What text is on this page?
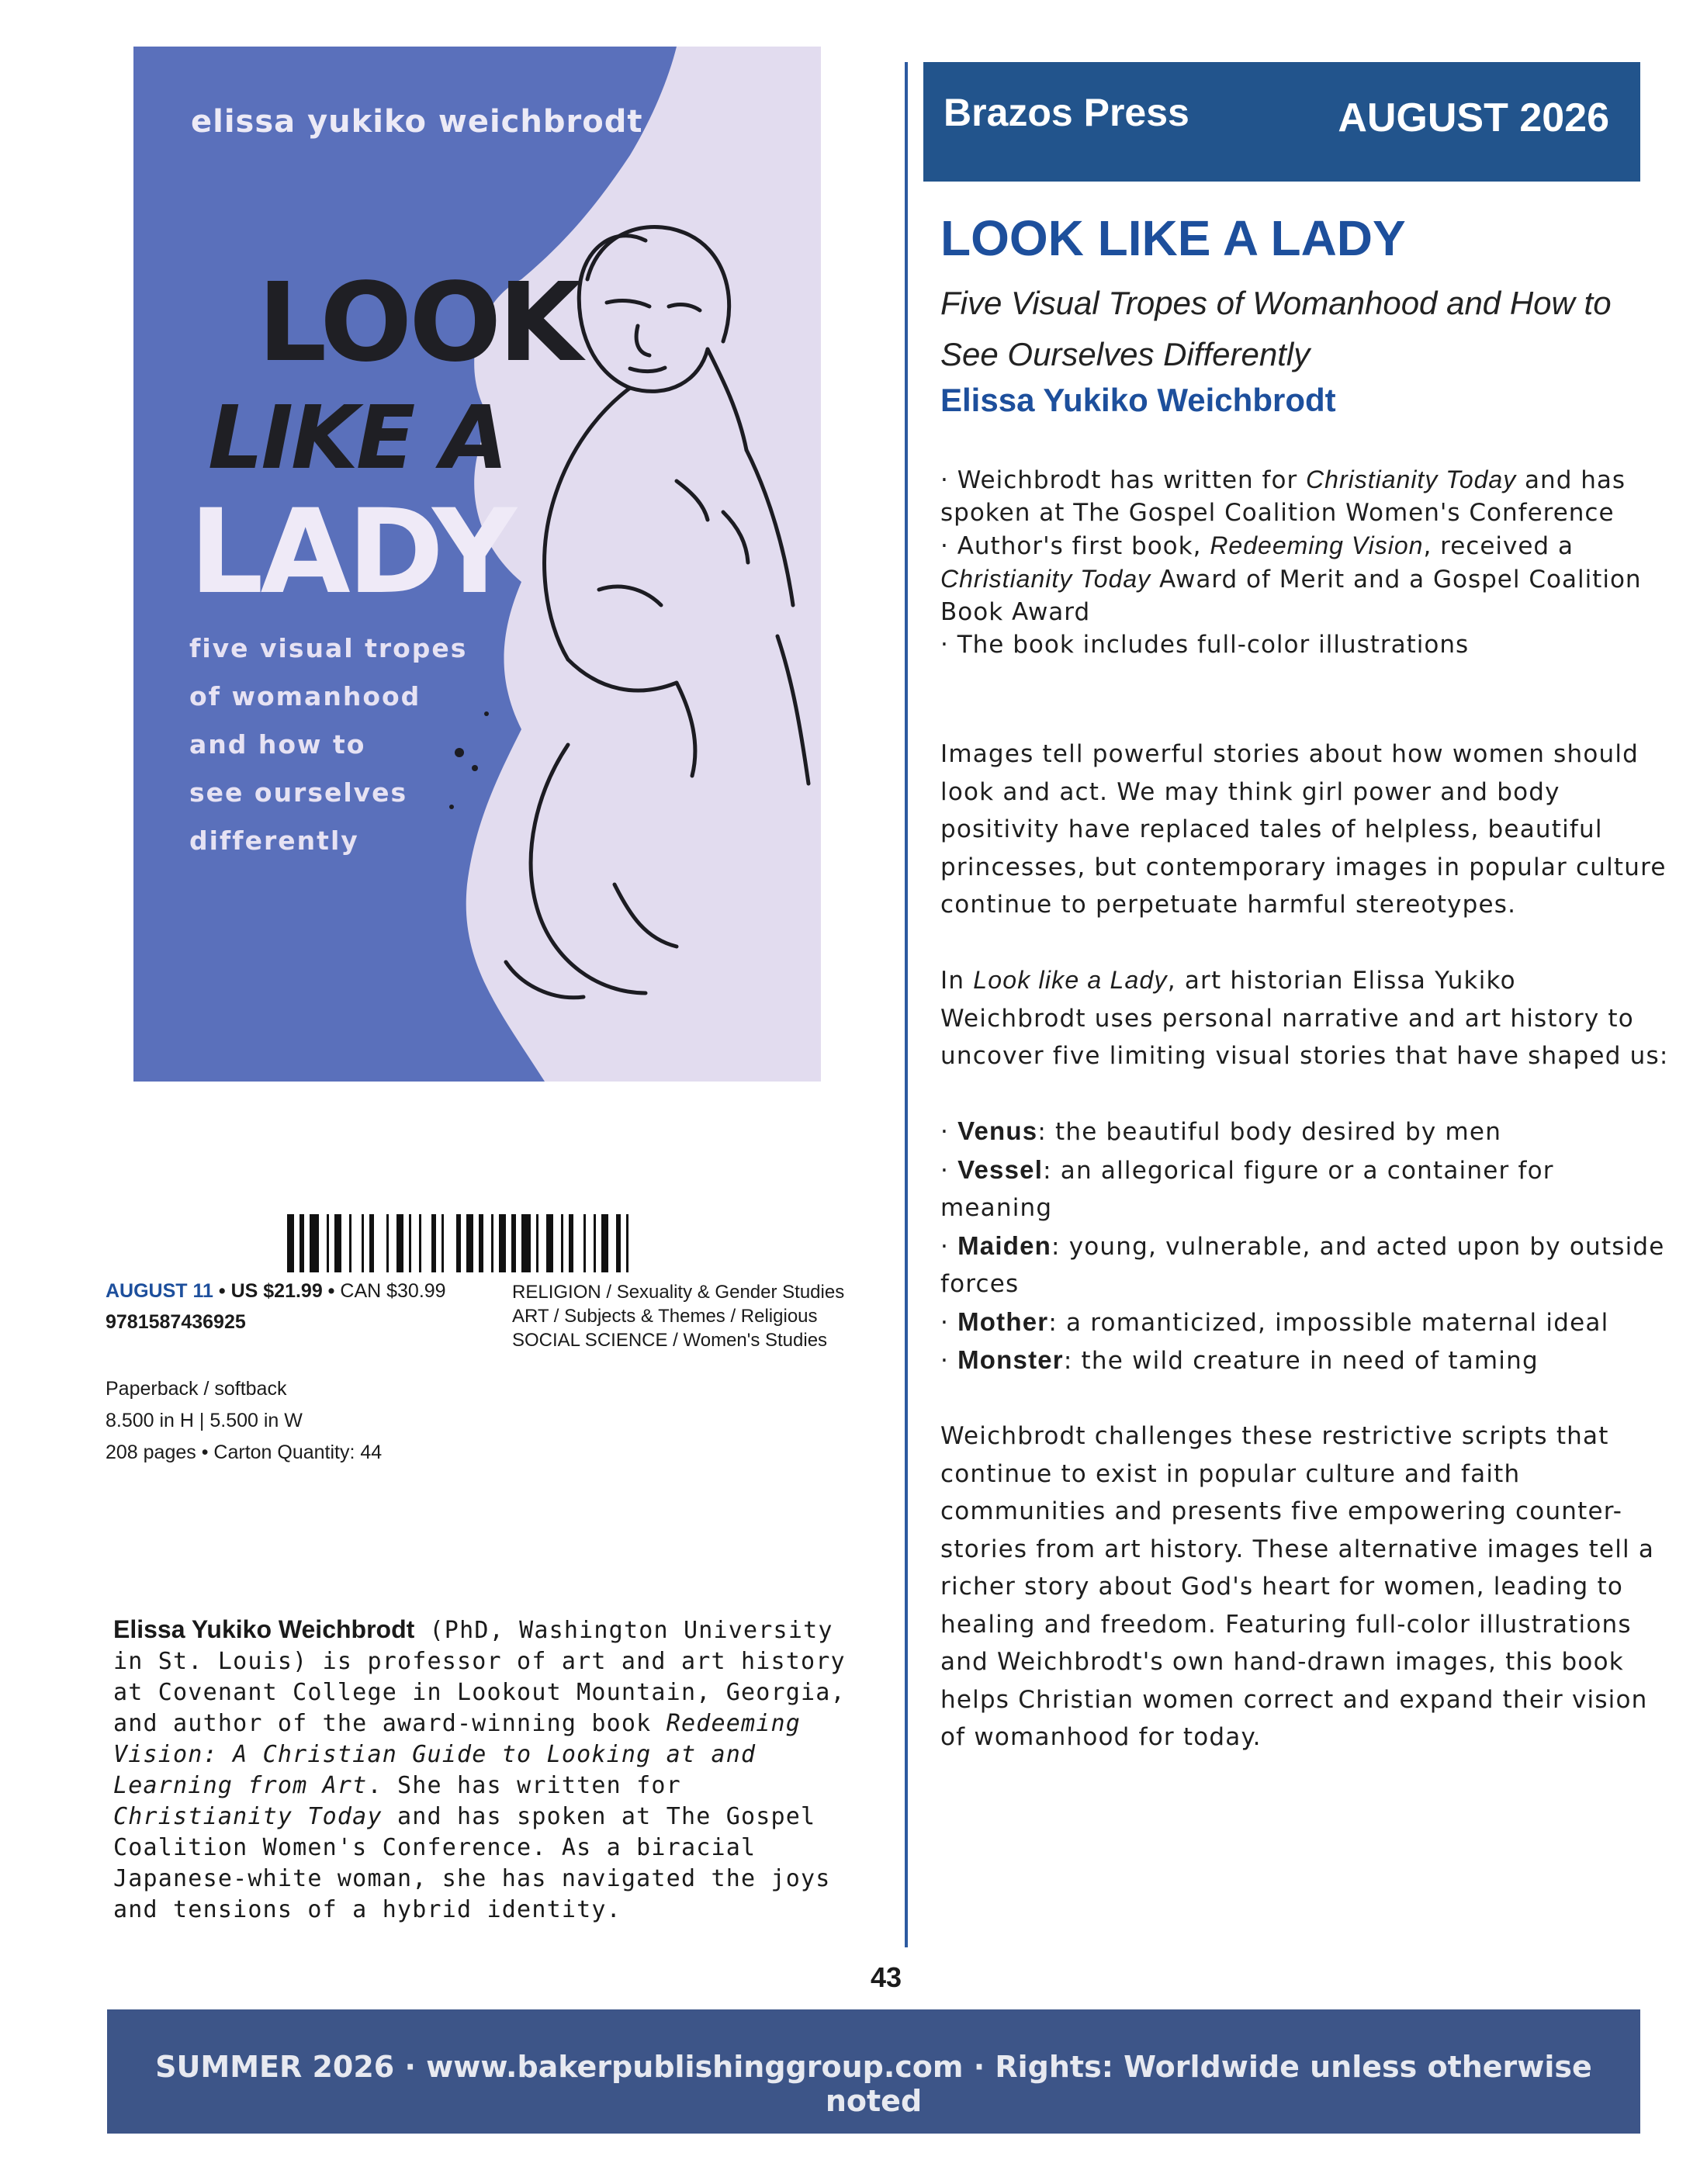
elissa yukiko weichbrodt
LOOK
LIKE A
LADY
five visual tropes
of womanhood
and how to
see ourselves
differently
Brazos Press	AUGUST 2026
LOOK LIKE A LADY
Five Visual Tropes of Womanhood and How to See Ourselves Differently
Elissa Yukiko Weichbrodt
· Weichbrodt has written for Christianity Today and has spoken at The Gospel Coalition Women's Conference
· Author's first book, Redeeming Vision, received a Christianity Today Award of Merit and a Gospel Coalition Book Award
· The book includes full-color illustrations

Images tell powerful stories about how women should look and act. We may think girl power and body positivity have replaced tales of helpless, beautiful princesses, but contemporary images in popular culture continue to perpetuate harmful stereotypes.

In Look like a Lady, art historian Elissa Yukiko Weichbrodt uses personal narrative and art history to uncover five limiting visual stories that have shaped us:

· Venus: the beautiful body desired by men
· Vessel: an allegorical figure or a container for meaning
· Maiden: young, vulnerable, and acted upon by outside forces
· Mother: a romanticized, impossible maternal ideal
· Monster: the wild creature in need of taming

Weichbrodt challenges these restrictive scripts that continue to exist in popular culture and faith communities and presents five empowering counter-stories from art history. These alternative images tell a richer story about God's heart for women, leading to healing and freedom. Featuring full-color illustrations and Weichbrodt's own hand-drawn images, this book helps Christian women correct and expand their vision of womanhood for today.

AUGUST 11 • US $21.99 • CAN $30.99
9781587436925
Paperback / softback
8.500 in H | 5.500 in W
208 pages • Carton Quantity: 44
RELIGION / Sexuality & Gender Studies
ART / Subjects & Themes / Religious
SOCIAL SCIENCE / Women's Studies
Elissa Yukiko Weichbrodt (PhD, Washington University in St. Louis) is professor of art and art history at Covenant College in Lookout Mountain, Georgia, and author of the award-winning book Redeeming Vision: A Christian Guide to Looking at and Learning from Art. She has written for Christianity Today and has spoken at The Gospel Coalition Women's Conference. As a biracial Japanese-white woman, she has navigated the joys and tensions of a hybrid identity.
43
SUMMER 2026 · www.bakerpublishinggroup.com · Rights: Worldwide unless otherwise noted
